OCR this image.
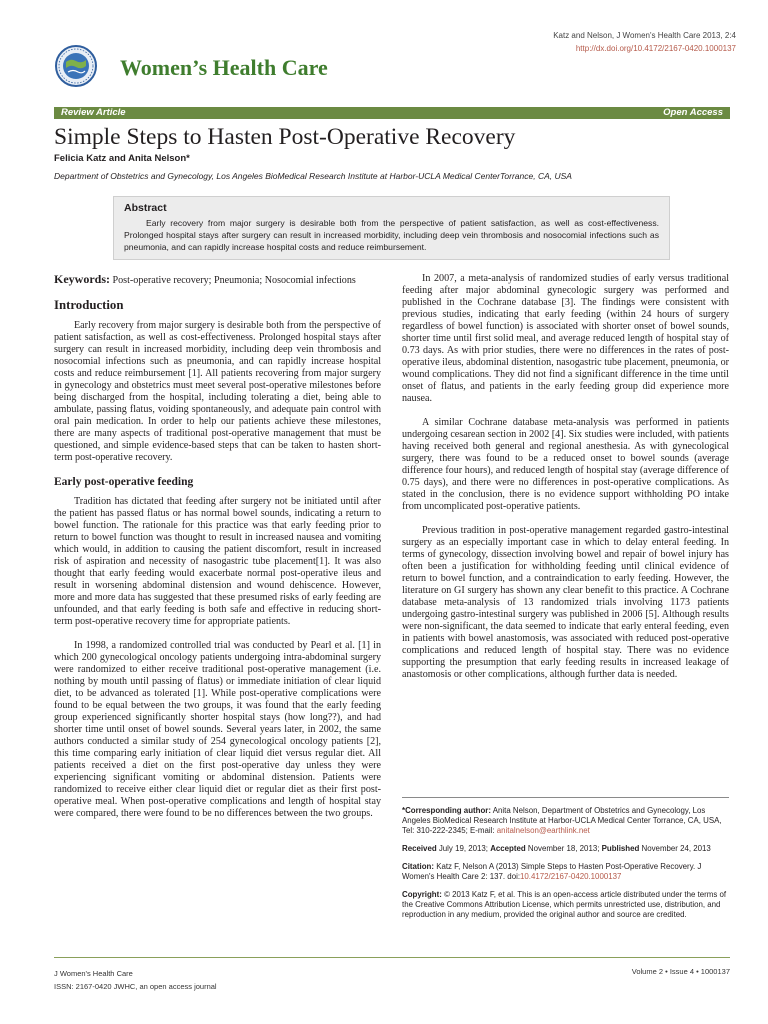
Women’s Health Care
Katz and Nelson, J Women's Health Care 2013, 2:4
http://dx.doi.org/10.4172/2167-0420.1000137
Review Article	Open Access
Simple Steps to Hasten Post-Operative Recovery
Felicia Katz and Anita Nelson*
Department of Obstetrics and Gynecology, Los Angeles BioMedical Research Institute at Harbor-UCLA Medical CenterTorrance, CA, USA
Abstract
Early recovery from major surgery is desirable both from the perspective of patient satisfaction, as well as cost-effectiveness. Prolonged hospital stays after surgery can result in increased morbidity, including deep vein thrombosis and nosocomial infections such as pneumonia, and can rapidly increase hospital costs and reduce reimbursement.

Keywords: Post-operative recovery; Pneumonia; Nosocomial infections

Introduction

Early recovery from major surgery is desirable both from the perspective of patient satisfaction, as well as cost-effectiveness. Prolonged hospital stays after surgery can result in increased morbidity, including deep vein thrombosis and nosocomial infections such as pneumonia, and can rapidly increase hospital costs and reduce reimbursement [1]. All patients recovering from major surgery in gynecology and obstetrics must meet several post-operative milestones before being discharged from the hospital, including tolerating a diet, being able to ambulate, passing flatus, voiding spontaneously, and adequate pain control with oral pain medication. In order to help our patients achieve these milestones, there are many aspects of traditional post-operative management that must be questioned, and simple evidence-based steps that can be taken to hasten short-term post-operative recovery.

Early post-operative feeding

Tradition has dictated that feeding after surgery not be initiated until after the patient has passed flatus or has normal bowel sounds, indicating a return to bowel function. The rationale for this practice was that early feeding prior to return to bowel function was thought to result in increased nausea and vomiting which would, in addition to causing the patient discomfort, result in increased risk of aspiration and necessity of nasogastric tube placement[1]. It was also thought that early feeding would exacerbate normal post-operative ileus and result in worsening abdominal distension and wound dehiscence. However, more and more data has suggested that these presumed risks of early feeding are unfounded, and that early feeding is both safe and effective in reducing short-term post-operative recovery time for appropriate patients.

In 1998, a randomized controlled trial was conducted by Pearl et al. [1] in which 200 gynecological oncology patients undergoing intra-abdominal surgery were randomized to either receive traditional post-operative management (i.e. nothing by mouth until passing of flatus) or immediate initiation of clear liquid diet, to be advanced as tolerated [1]. While post-operative complications were found to be equal between the two groups, it was found that the early feeding group experienced significantly shorter hospital stays (how long??), and had shorter time until onset of bowel sounds. Several years later, in 2002, the same authors conducted a similar study of 254 gynecological oncology patients [2], this time comparing early initiation of clear liquid diet versus regular diet. All patients received a diet on the first post-operative day unless they were experiencing significant vomiting or abdominal distension. Patients were randomized to receive either clear liquid diet or regular diet as their first post-operative meal. When post-operative complications and length of hospital stay were compared, there were found to be no differences between the two groups.

In 2007, a meta-analysis of randomized studies of early versus traditional feeding after major abdominal gynecologic surgery was performed and published in the Cochrane database [3]. The findings were consistent with previous studies, indicating that early feeding (within 24 hours of surgery regardless of bowel function) is associated with shorter onset of bowel sounds, shorter time until first solid meal, and average reduced length of hospital stay of 0.73 days. As with prior studies, there were no differences in the rates of post-operative ileus, abdominal distention, nasogastric tube placement, pneumonia, or wound complications. They did not find a significant difference in the time until onset of flatus, and patients in the early feeding group did experience more nausea.

A similar Cochrane database meta-analysis was performed in patients undergoing cesarean section in 2002 [4]. Six studies were included, with patients having received both general and regional anesthesia. As with gynecological surgery, there was found to be a reduced onset to bowel sounds (average difference four hours), and reduced length of hospital stay (average difference of 0.75 days), and there were no differences in post-operative complications. As stated in the conclusion, there is no evidence support withholding PO intake from uncomplicated post-operative patients.

Previous tradition in post-operative management regarded gastro-intestinal surgery as an especially important case in which to delay enteral feeding. In terms of gynecology, dissection involving bowel and repair of bowel injury has often been a justification for withholding feeding until clinical evidence of return to bowel function, and a contraindication to early feeding. However, the literature on GI surgery has shown any clear benefit to this practice. A Cochrane database meta-analysis of 13 randomized trials involving 1173 patients undergoing gastro-intestinal surgery was published in 2006 [5]. Although results were non-significant, the data seemed to indicate that early enteral feeding, even in patients with bowel anastomosis, was associated with reduced post-operative complications and reduced length of hospital stay. There was no evidence supporting the presumption that early feeding results in increased leakage of anastomosis or other complications, although further data is needed.

*Corresponding author: Anita Nelson, Department of Obstetrics and Gynecology, Los Angeles BioMedical Research Institute at Harbor-UCLA Medical Center Torrance, CA, USA, Tel: 310-222-2345; E-mail: anitalnelson@earthlink.net

Received July 19, 2013; Accepted November 18, 2013; Published November 24, 2013

Citation: Katz F, Nelson A (2013) Simple Steps to Hasten Post-Operative Recovery. J Women's Health Care 2: 137. doi:10.4172/2167-0420.1000137

Copyright: © 2013 Katz F, et al. This is an open-access article distributed under the terms of the Creative Commons Attribution License, which permits unrestricted use, distribution, and reproduction in any medium, provided the original author and source are credited.

J Women's Health Care
ISSN: 2167-0420 JWHC, an open access journal
Volume 2 • Issue 4 • 1000137
